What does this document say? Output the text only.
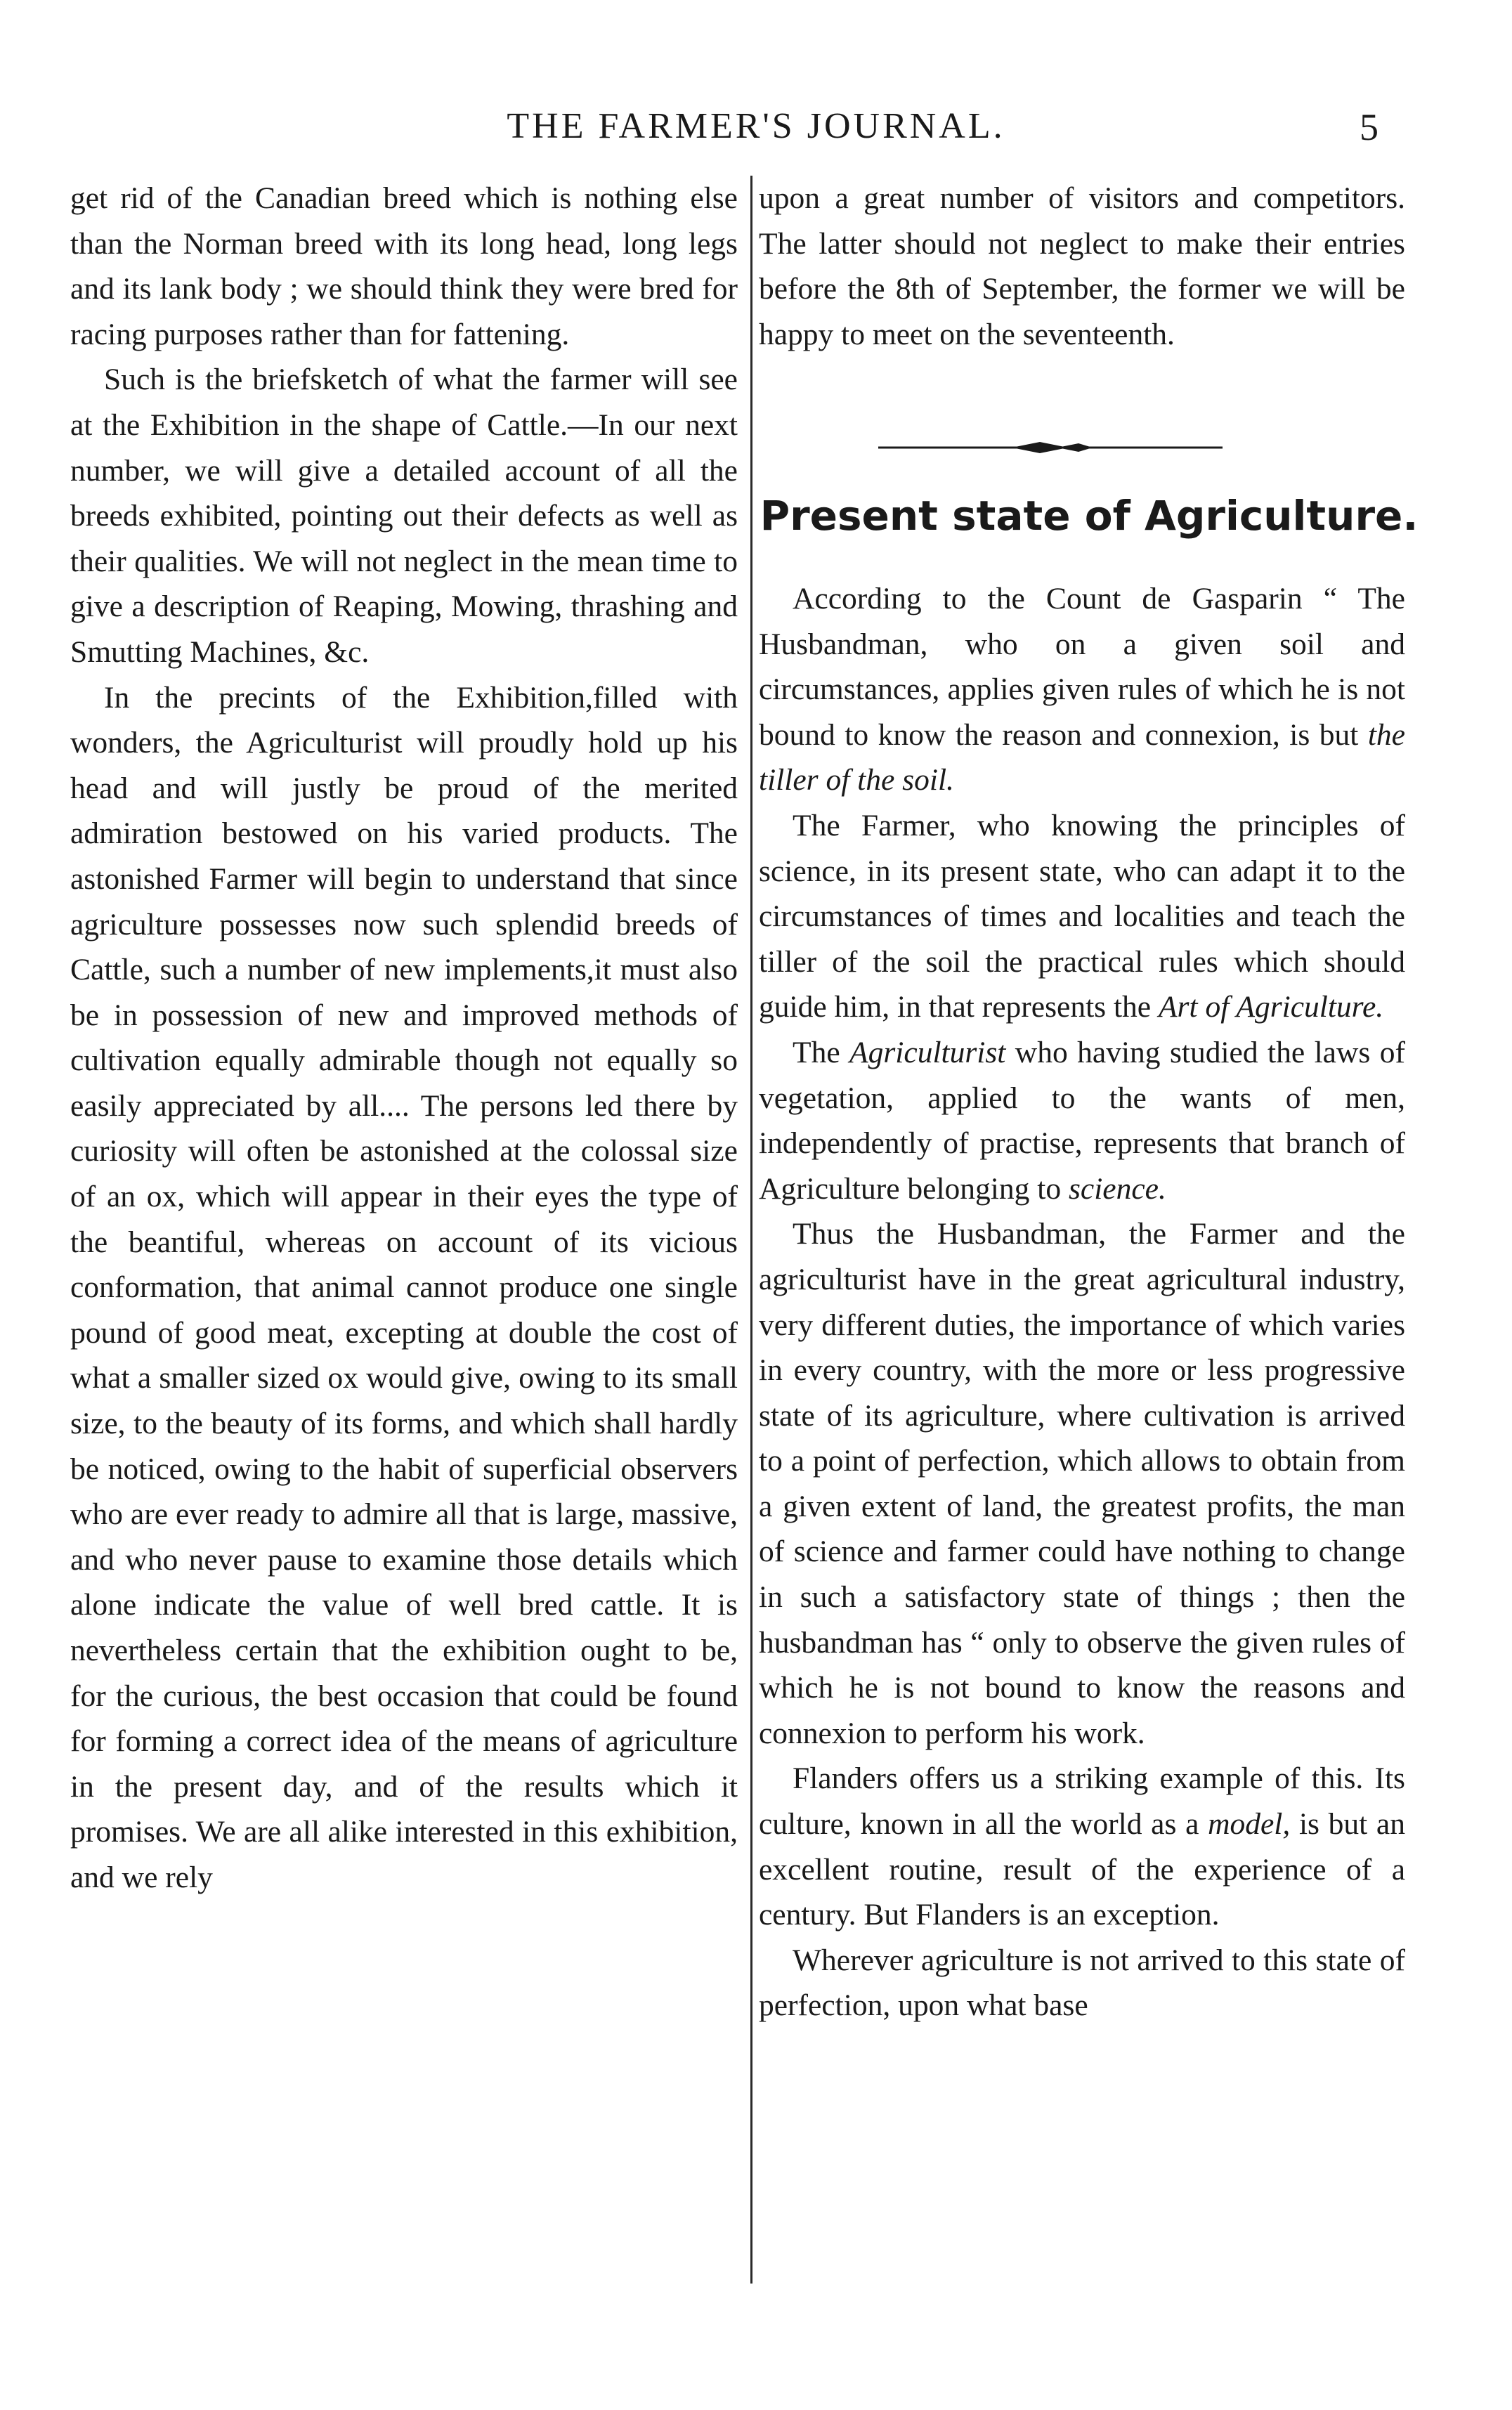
THE FARMER'S JOURNAL.	5

get rid of the Canadian breed which is nothing else than the Norman breed with its long head, long legs and its lank body ; we should think they were bred for racing purposes rather than for fattening.

Such is the briefsketch of what the farmer will see at the Exhibition in the shape of Cattle.—In our next number, we will give a detailed account of all the breeds exhibited, pointing out their defects as well as their qualities. We will not neglect in the mean time to give a description of Reaping, Mowing, thrashing and Smutting Machines, &c.

In the precints of the Exhibition,filled with wonders, the Agriculturist will proudly hold up his head and will justly be proud of the merited admiration bestowed on his varied products. The astonished Farmer will begin to understand that since agriculture possesses now such splendid breeds of Cattle, such a number of new implements,it must also be in possession of new and improved methods of cultivation equally admirable though not equally so easily appreciated by all.... The persons led there by curiosity will often be astonished at the colossal size of an ox, which will appear in their eyes the type of the beantiful, whereas on account of its vicious conformation, that animal cannot produce one single pound of good meat, excepting at double the cost of what a smaller sized ox would give, owing to its small size, to the beauty of its forms, and which shall hardly be noticed, owing to the habit of superficial observers who are ever ready to admire all that is large, massive, and who never pause to examine those details which alone indicate the value of well bred cattle. It is nevertheless certain that the exhibition ought to be, for the curious, the best occasion that could be found for forming a correct idea of the means of agriculture in the present day, and of the results which it promises. We are all alike interested in this exhibition, and we rely

upon a great number of visitors and competitors. The latter should not neglect to make their entries before the 8th of September, the former we will be happy to meet on the seventeenth.

Present state of Agriculture.

According to the Count de Gasparin “ The Husbandman, who on a given soil and circumstances, applies given rules of which he is not bound to know the reason and connexion, is but the tiller of the soil.

The Farmer, who knowing the principles of science, in its present state, who can adapt it to the circumstances of times and localities and teach the tiller of the soil the practical rules which should guide him, in that represents the Art of Agriculture.

The Agriculturist who having studied the laws of vegetation, applied to the wants of men, independently of practise, represents that branch of Agriculture belonging to science.

Thus the Husbandman, the Farmer and the agriculturist have in the great agricultural industry, very different duties, the importance of which varies in every country, with the more or less progressive state of its agriculture, where cultivation is arrived to a point of perfection, which allows to obtain from a given extent of land, the greatest profits, the man of science and farmer could have nothing to change in such a satisfactory state of things ; then the husbandman has “ only to observe the given rules of which he is not bound to know the reasons and connexion to perform his work.

Flanders offers us a striking example of this. Its culture, known in all the world as a model, is but an excellent routine, result of the experience of a century. But Flanders is an exception.

Wherever agriculture is not arrived to this state of perfection, upon what base
